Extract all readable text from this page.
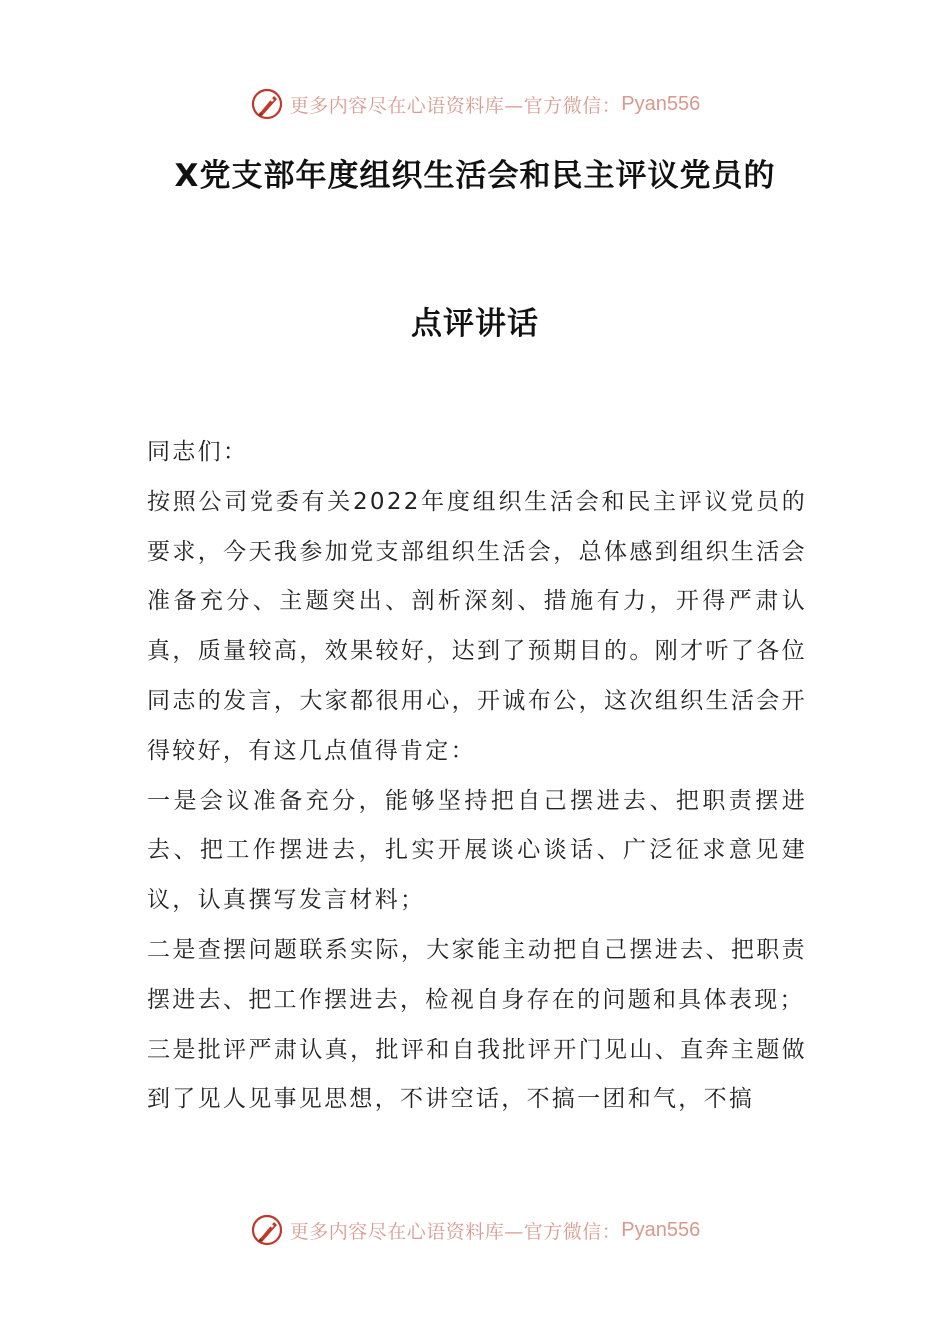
更多内容尽在心语资料库—官方微信： Pyan556
X党支部年度组织生活会和民主评议党员的
点评讲话

同志们：

按照公司党委有关2022年度组织生活会和民主评议党员的要求，今天我参加党支部组织生活会，总体感到组织生活会准备充分、主题突出、剖析深刻、措施有力，开得严肃认真，质量较高，效果较好，达到了预期目的。刚才听了各位同志的发言，大家都很用心，开诚布公，这次组织生活会开得较好，有这几点值得肯定：

一是会议准备充分，能够坚持把自己摆进去、把职责摆进去、把工作摆进去，扎实开展谈心谈话、广泛征求意见建议，认真撰写发言材料；

二是查摆问题联系实际，大家能主动把自己摆进去、把职责摆进去、把工作摆进去，检视自身存在的问题和具体表现；

三是批评严肃认真，批评和自我批评开门见山、直奔主题做到了见人见事见思想，不讲空话，不搞一团和气，不搞

更多内容尽在心语资料库—官方微信： Pyan556
